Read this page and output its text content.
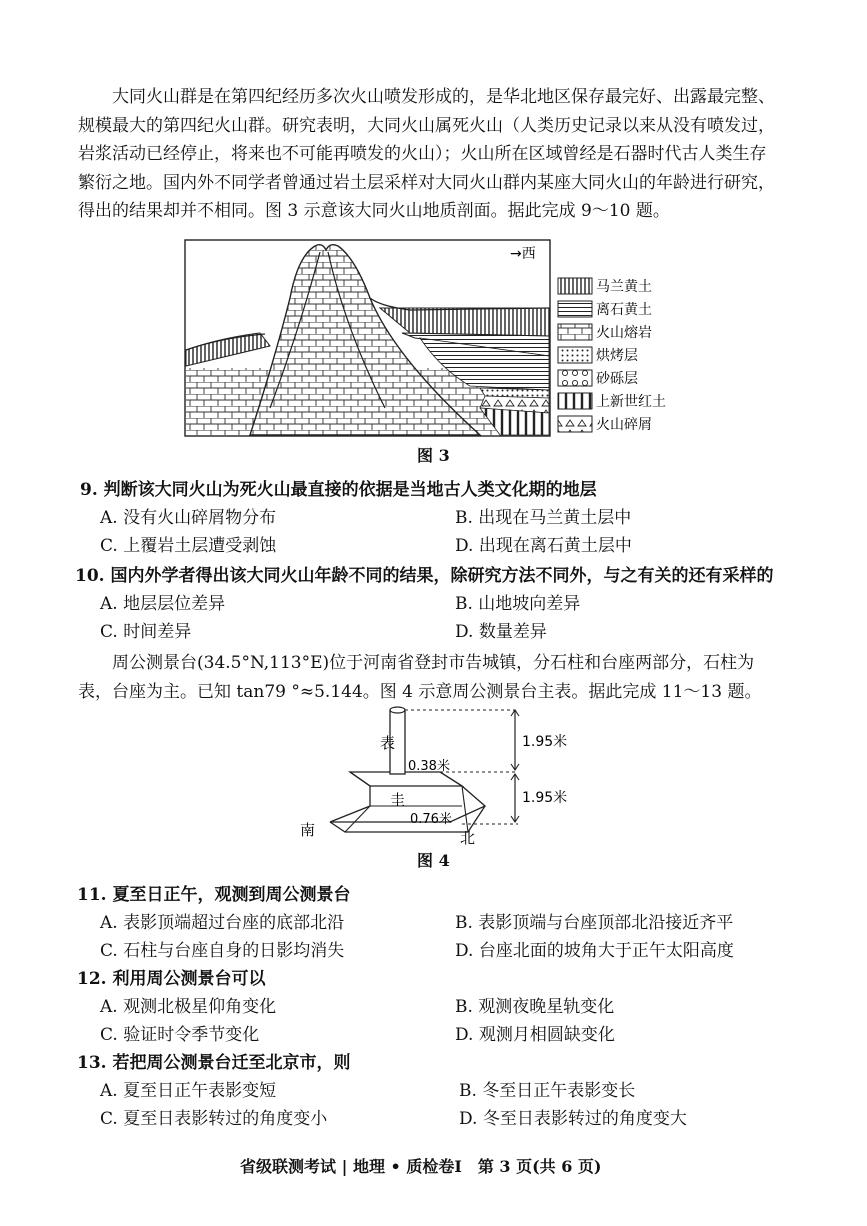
大同火山群是在第四纪经历多次火山喷发形成的，是华北地区保存最完好、出露最完整、规模最大的第四纪火山群。研究表明，大同火山属死火山（人类历史记录以来从没有喷发过，岩浆活动已经停止，将来也不可能再喷发的火山）；火山所在区域曾经是石器时代古人类生存繁衍之地。国内外不同学者曾通过岩土层采样对大同火山群内某座大同火山的年龄进行研究，得出的结果却并不相同。图 3 示意该大同火山地质剖面。据此完成 9～10 题。
→西
马兰黄土
离石黄土
火山熔岩
烘烤层
砂砾层
上新世红土
火山碎屑
图 3
9. 判断该大同火山为死火山最直接的依据是当地古人类文化期的地层
A. 没有火山碎屑物分布	B. 出现在马兰黄土层中
C. 上覆岩土层遭受剥蚀	D. 出现在离石黄土层中
10. 国内外学者得出该大同火山年龄不同的结果，除研究方法不同外，与之有关的还有采样的
A. 地层层位差异	B. 山地坡向差异
C. 时间差异	D. 数量差异
周公测景台(34.5°N,113°E)位于河南省登封市告城镇，分石柱和台座两部分，石柱为表，台座为主。已知 tan79 °≈5.144。图 4 示意周公测景台主表。据此完成 11～13 题。
表
0.38米
圭
0.76米
1.95米
1.95米
南	北
图 4
11. 夏至日正午，观测到周公测景台
A. 表影顶端超过台座的底部北沿	B. 表影顶端与台座顶部北沿接近齐平
C. 石柱与台座自身的日影均消失	D. 台座北面的坡角大于正午太阳高度
12. 利用周公测景台可以
A. 观测北极星仰角变化	B. 观测夜晚星轨变化
C. 验证时令季节变化	D. 观测月相圆缺变化
13. 若把周公测景台迁至北京市，则
A. 夏至日正午表影变短	B. 冬至日正午表影变长
C. 夏至日表影转过的角度变小	D. 冬至日表影转过的角度变大
省级联测考试 | 地理 • 质检卷Ⅰ　第 3 页(共 6 页)
